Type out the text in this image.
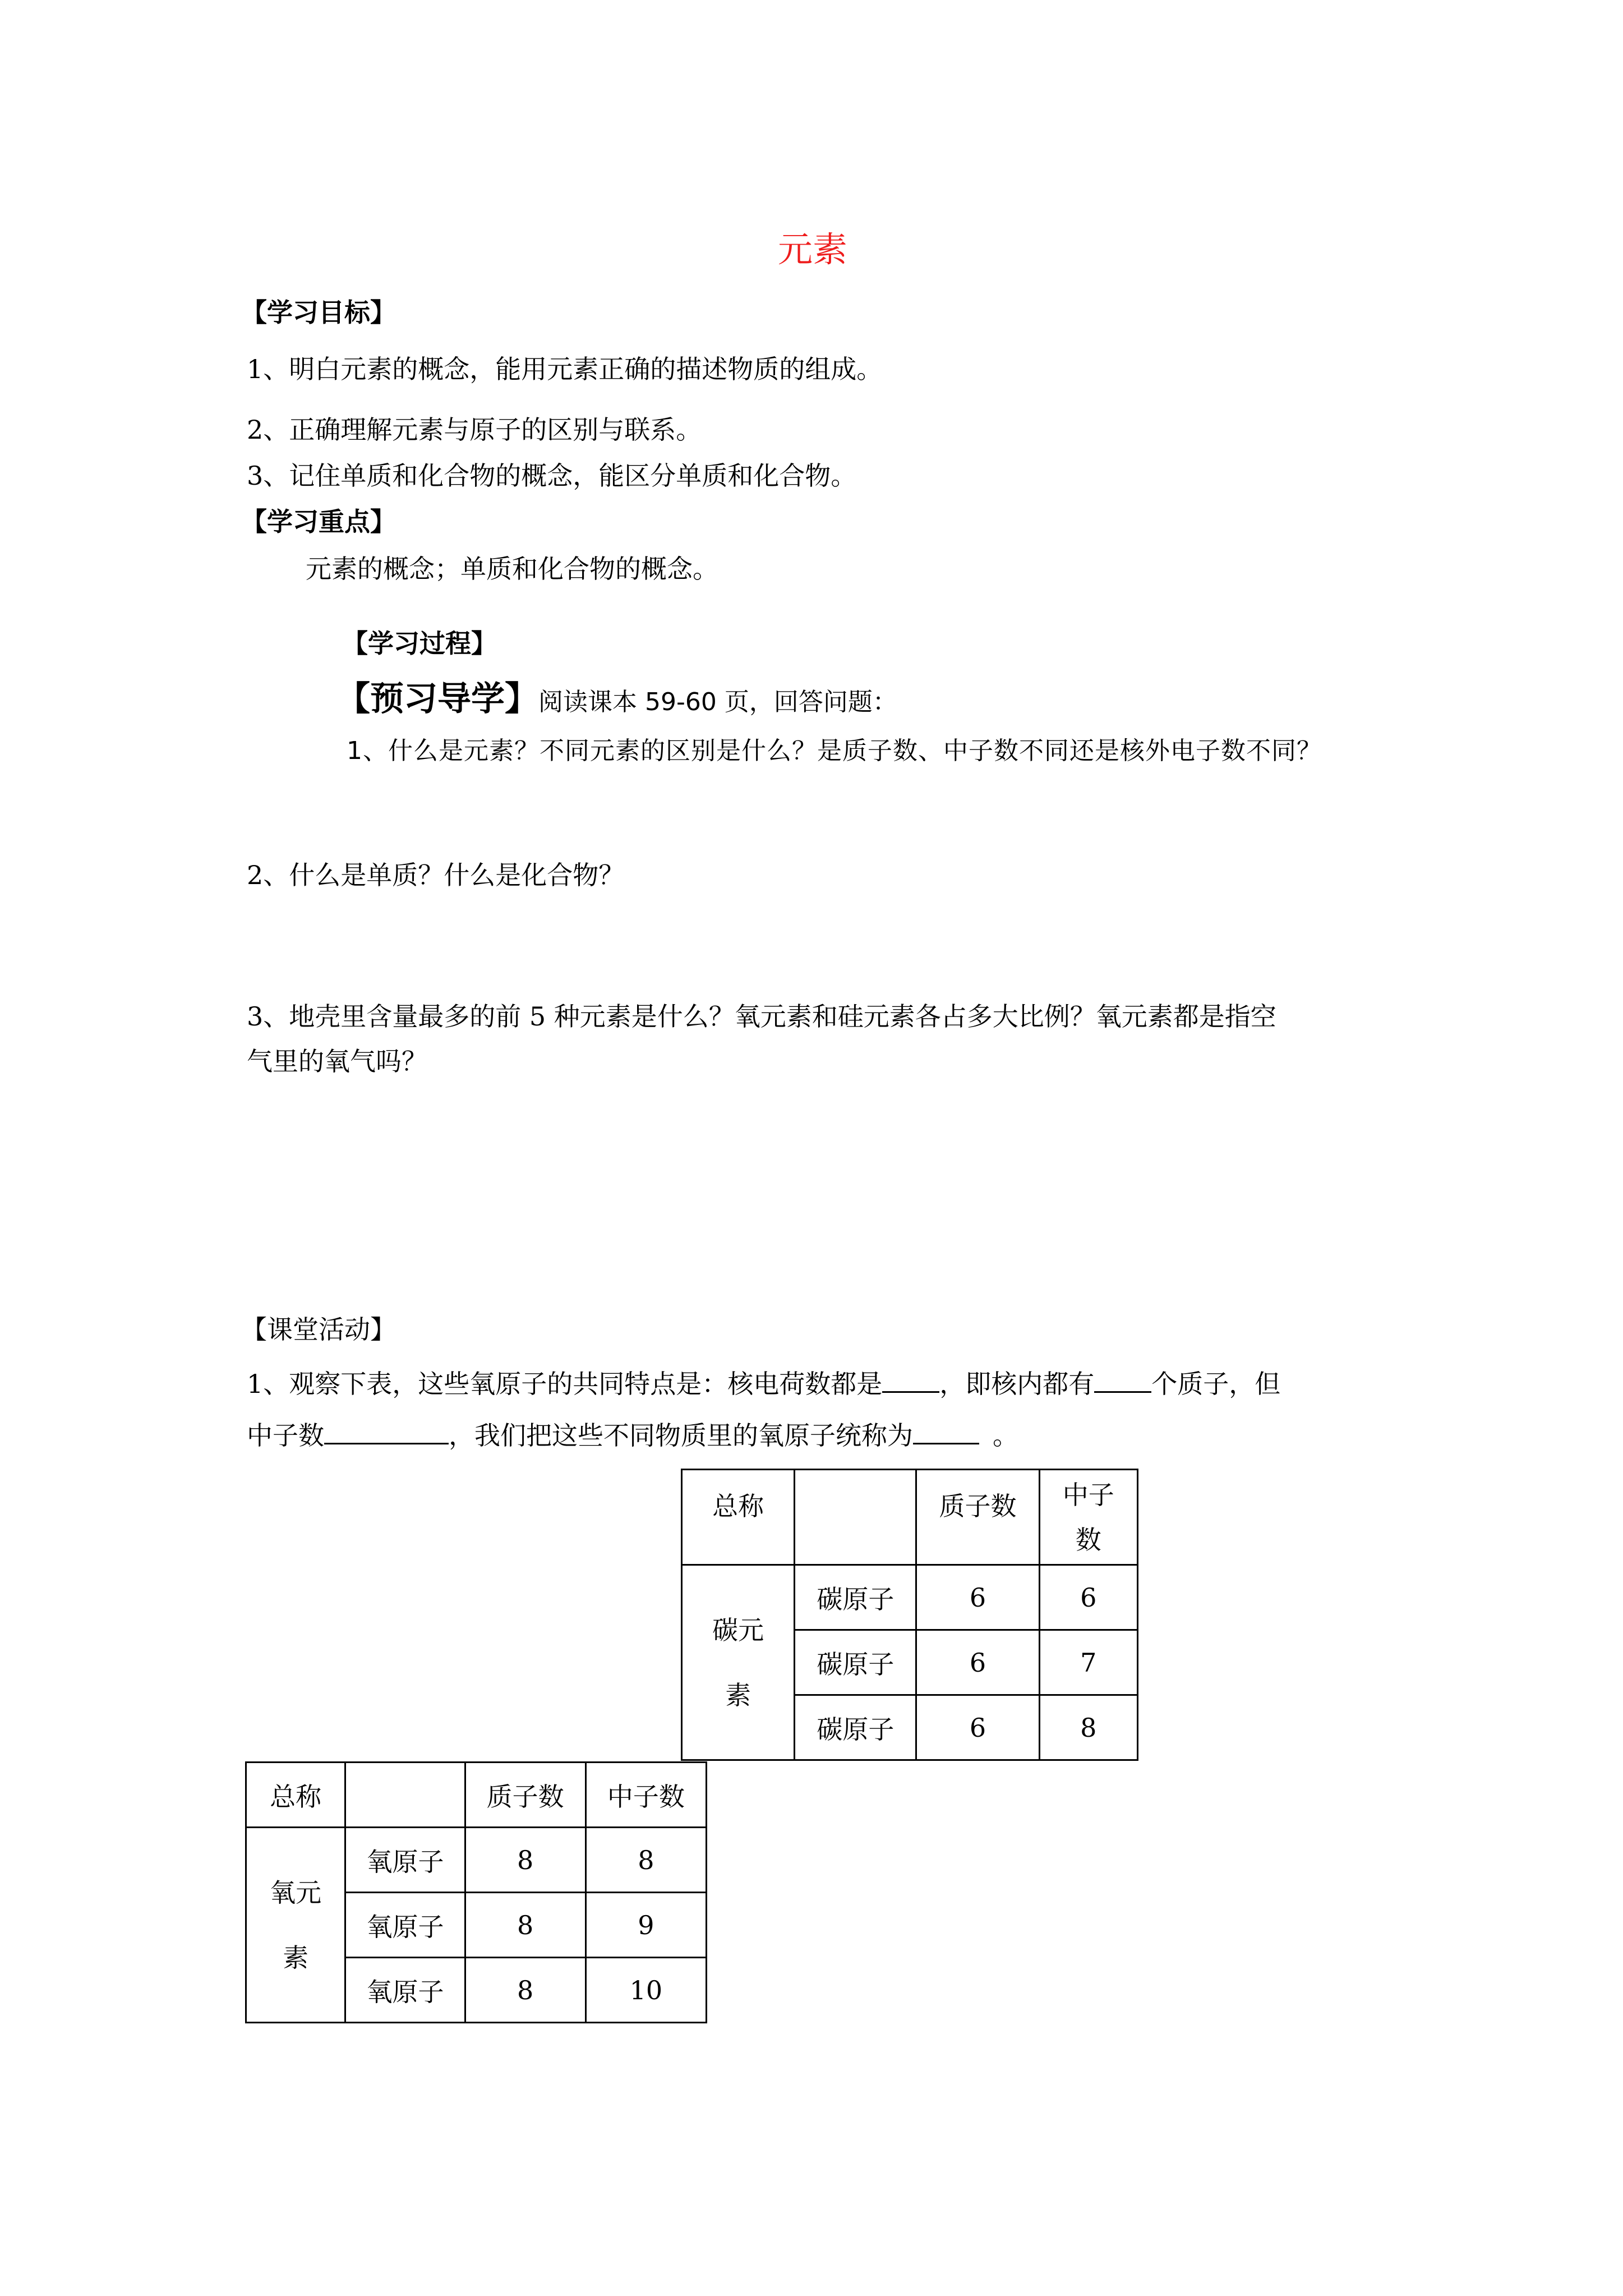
元素
【学习目标】
1、明白元素的概念，能用元素正确的描述物质的组成。
2、正确理解元素与原子的区别与联系。
3、记住单质和化合物的概念，能区分单质和化合物。
【学习重点】
元素的概念；单质和化合物的概念。
【学习过程】
【预习导学】阅读课本 59-60 页，回答问题：
1、什么是元素？不同元素的区别是什么？是质子数、中子数不同还是核外电子数不同？
2、什么是单质？什么是化合物？
3、地壳里含量最多的前 5 种元素是什么？氧元素和硅元素各占多大比例？氧元素都是指空
气里的氧气吗？
【课堂活动】
1、观察下表，这些氧原子的共同特点是：核电荷数都是 ，即核内都有 个质子，但
中子数	，我们把这些不同物质里的氧原子统称为	。
总称		质子数	中子
数
碳元
素	碳原子	6	6
	碳原子	6	7
	碳原子	6	8
总称		质子数	中子数
氧元
素	氧原子	8	8
	氧原子	8	9
	氧原子	8	10
